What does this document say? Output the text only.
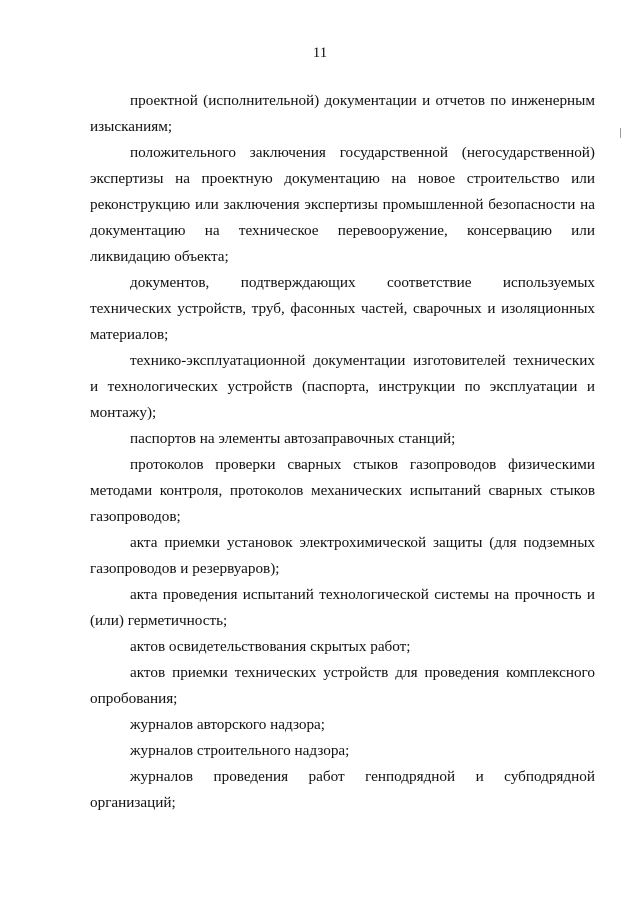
11

проектной (исполнительной) документации и отчетов по инженерным изысканиям;

положительного заключения государственной (негосударственной) экспертизы на проектную документацию на новое строительство или реконструкцию или заключения экспертизы промышленной безопасности на документацию на техническое перевооружение, консервацию или ликвидацию объекта;

документов, подтверждающих соответствие используемых технических устройств, труб, фасонных частей, сварочных и изоляционных материалов;

технико-эксплуатационной документации изготовителей технических и технологических устройств (паспорта, инструкции по эксплуатации и монтажу);

паспортов на элементы автозаправочных станций;

протоколов проверки сварных стыков газопроводов физическими методами контроля, протоколов механических испытаний сварных стыков газопроводов;

акта приемки установок электрохимической защиты (для подземных газопроводов и резервуаров);

акта проведения испытаний технологической системы на прочность и (или) герметичность;

актов освидетельствования скрытых работ;

актов приемки технических устройств для проведения комплексного опробования;

журналов авторского надзора;

журналов строительного надзора;

журналов проведения работ генподрядной и субподрядной организаций;
